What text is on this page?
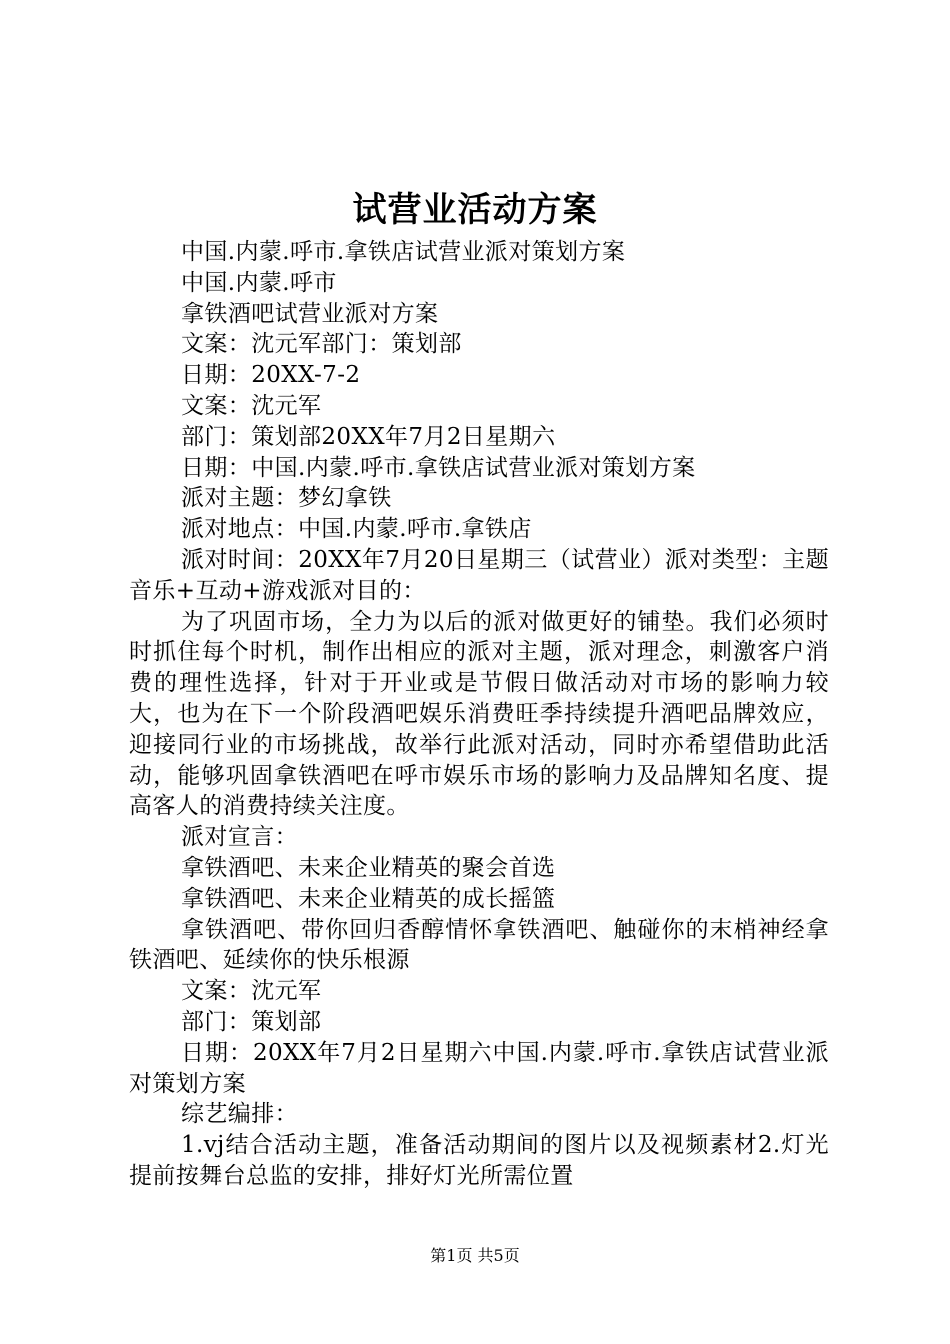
试营业活动方案

中国.内蒙.呼市.拿铁店试营业派对策划方案

中国.内蒙.呼市

拿铁酒吧试营业派对方案

文案：沈元军部门：策划部

日期：20XX-7-2

文案：沈元军

部门：策划部20XX年7月2日星期六

日期：中国.内蒙.呼市.拿铁店试营业派对策划方案

派对主题：梦幻拿铁

派对地点：中国.内蒙.呼市.拿铁店

派对时间：20XX年7月20日星期三（试营业）派对类型：主题音乐+互动+游戏派对目的：

为了巩固市场，全力为以后的派对做更好的铺垫。我们必须时时抓住每个时机，制作出相应的派对主题，派对理念，刺激客户消费的理性选择，针对于开业或是节假日做活动对市场的影响力较大，也为在下一个阶段酒吧娱乐消费旺季持续提升酒吧品牌效应，迎接同行业的市场挑战，故举行此派对活动，同时亦希望借助此活动，能够巩固拿铁酒吧在呼市娱乐市场的影响力及品牌知名度、提高客人的消费持续关注度。

派对宣言：

拿铁酒吧、未来企业精英的聚会首选

拿铁酒吧、未来企业精英的成长摇篮

拿铁酒吧、带你回归香醇情怀拿铁酒吧、触碰你的末梢神经拿铁酒吧、延续你的快乐根源

文案：沈元军

部门：策划部

日期：20XX年7月2日星期六中国.内蒙.呼市.拿铁店试营业派对策划方案

综艺编排：

1.vj结合活动主题，准备活动期间的图片以及视频素材2.灯光提前按舞台总监的安排，排好灯光所需位置

第1页 共5页
